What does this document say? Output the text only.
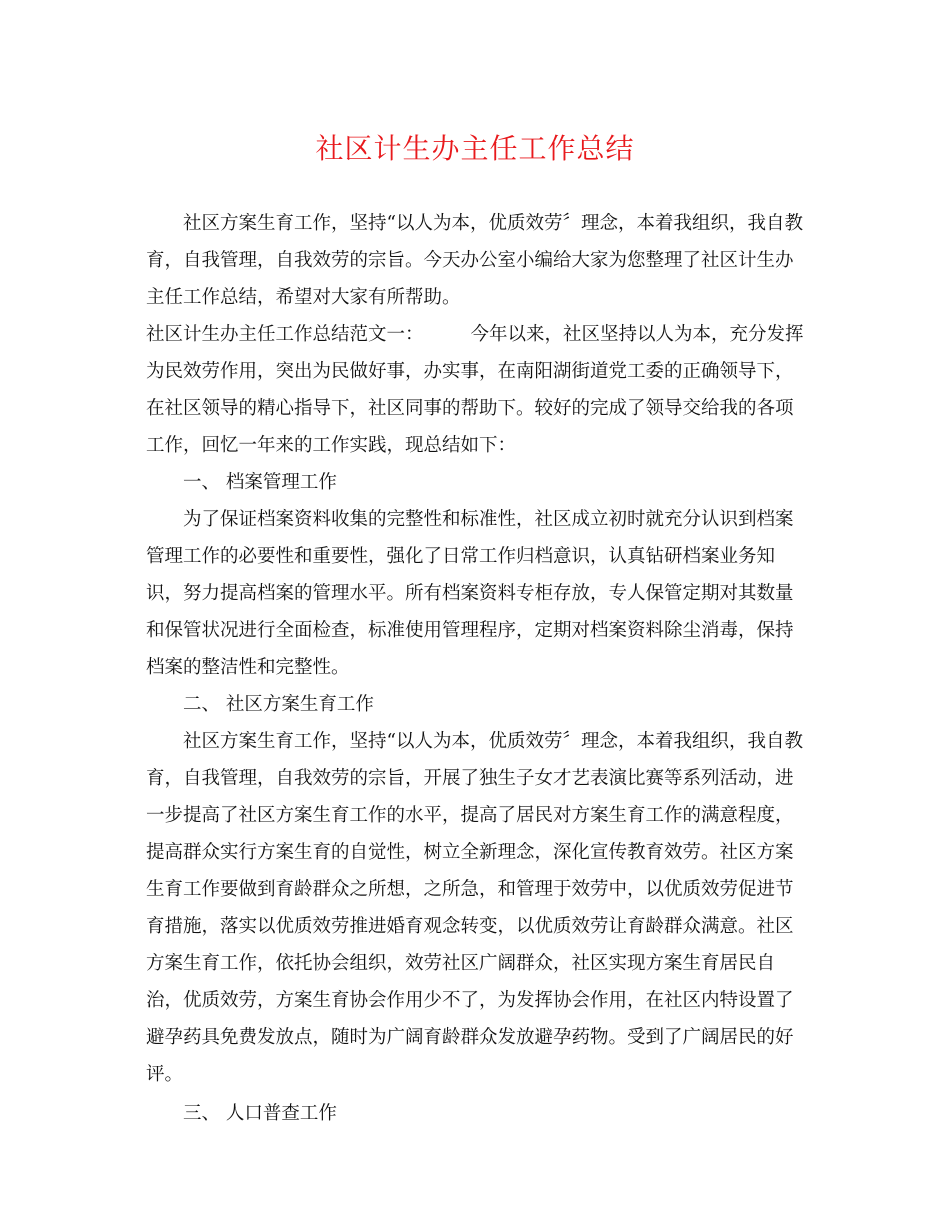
社区计生办主任工作总结

社区方案生育工作，坚持“以人为本，优质效劳〞理念，本着我组织，我自教

育，自我管理，自我效劳的宗旨。今天办公室小编给大家为您整理了社区计生办

主任工作总结，希望对大家有所帮助。

社区计生办主任工作总结范文一：        今年以来，社区坚持以人为本，充分发挥

为民效劳作用，突出为民做好事，办实事，在南阳湖街道党工委的正确领导下，

在社区领导的精心指导下，社区同事的帮助下。较好的完成了领导交给我的各项

工作，回忆一年来的工作实践，现总结如下：

一、 档案管理工作

为了保证档案资料收集的完整性和标准性，社区成立初时就充分认识到档案

管理工作的必要性和重要性，强化了日常工作归档意识，认真钻研档案业务知

识，努力提高档案的管理水平。所有档案资料专柜存放，专人保管定期对其数量

和保管状况进行全面检查，标准使用管理程序，定期对档案资料除尘消毒，保持

档案的整洁性和完整性。

二、 社区方案生育工作

社区方案生育工作，坚持“以人为本，优质效劳〞理念，本着我组织，我自教

育，自我管理，自我效劳的宗旨，开展了独生子女才艺表演比赛等系列活动，进

一步提高了社区方案生育工作的水平，提高了居民对方案生育工作的满意程度，

提高群众实行方案生育的自觉性，树立全新理念，深化宣传教育效劳。社区方案

生育工作要做到育龄群众之所想，之所急，和管理于效劳中，以优质效劳促进节

育措施，落实以优质效劳推进婚育观念转变，以优质效劳让育龄群众满意。社区

方案生育工作，依托协会组织，效劳社区广阔群众，社区实现方案生育居民自

治，优质效劳，方案生育协会作用少不了，为发挥协会作用，在社区内特设置了

避孕药具免费发放点，随时为广阔育龄群众发放避孕药物。受到了广阔居民的好

评。

三、 人口普查工作
